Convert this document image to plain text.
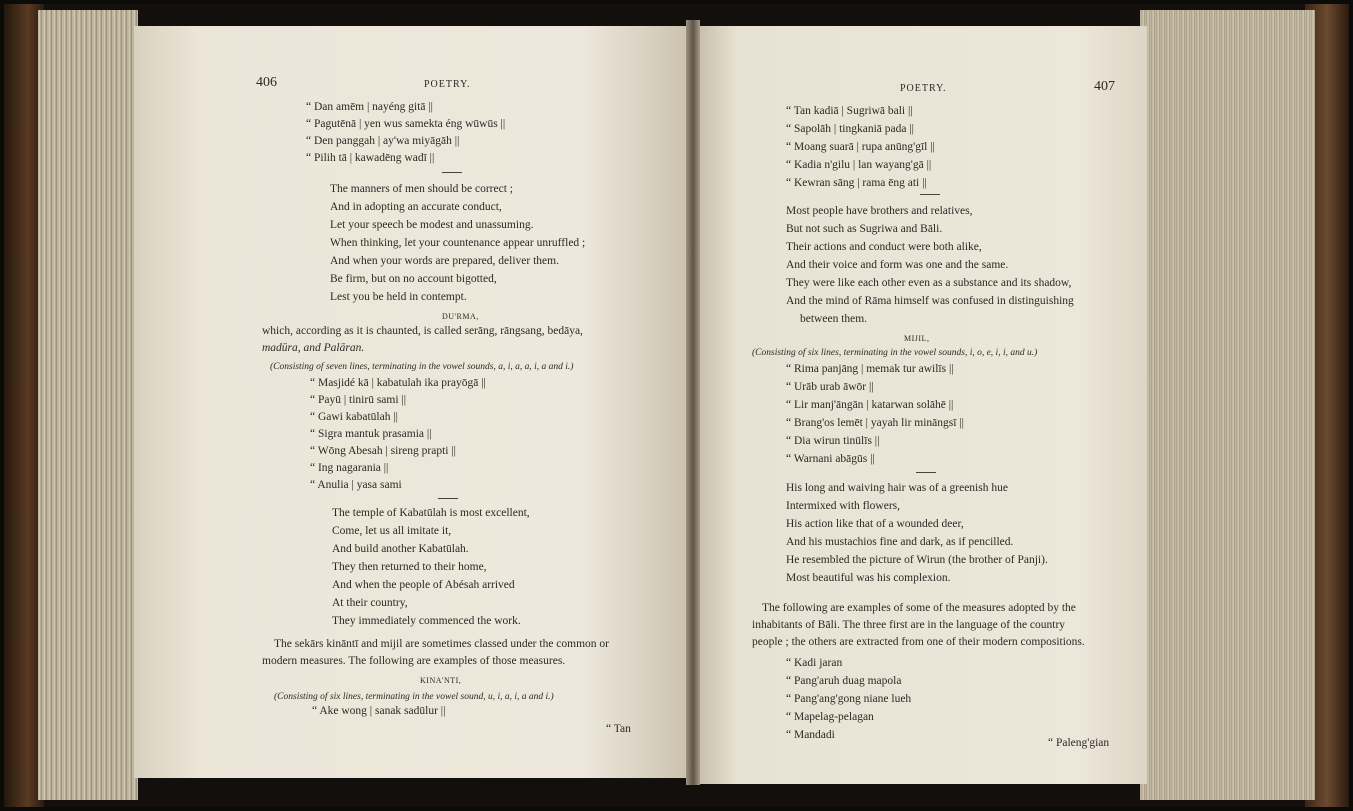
406	POETRY.
“ Dan amēm | nayéng gitā ||
“ Pagutēnā | yen wus samekta éng wūwūs ||
“ Den panggah | ay'wa miyāgāh ||
“ Pilih tā | kawadēng wadī ||
The manners of men should be correct ;
And in adopting an accurate conduct,
Let your speech be modest and unassuming.
When thinking, let your countenance appear unruffled ;
And when your words are prepared, deliver them.
Be firm, but on no account bigotted,
Lest you be held in contempt.
DU'RMA,
which, according as it is chaunted, is called serāng, rāngsang, bedāya,
madūra, and Palāran.
(Consisting of seven lines, terminating in the vowel sounds, a, i, a, a, i, a and i.)
“ Masjidé kā | kabatulah ika prayōgā ||
“ Payū | tinirū sami ||
“ Gawi kabatūlah ||
“ Sigra mantuk prasamia ||
“ Wōng Abesah | sireng prapti ||
“ Ing nagarania ||
“ Anulia | yasa sami
The temple of Kabatūlah is most excellent,
Come, let us all imitate it,
And build another Kabatūlah.
They then returned to their home,
And when the people of Abésah arrived
At their country,
They immediately commenced the work.
The sekārs kināntī and mijil are sometimes classed under the common or
modern measures. The following are examples of those measures.
KINA'NTI,
(Consisting of six lines, terminating in the vowel sound, u, i, a, i, a and i.)
“ Ake wong | sanak sadūlur ||
“ Tan
POETRY.	407
“ Tan kadiā | Sugriwā bali ||
“ Sapolāh | tingkaniā pada ||
“ Moang suarā | rupa anūng'gīl ||
“ Kadia n'gilu | lan wayang'gā ||
“ Kewran sāng | rama ēng ati ||
Most people have brothers and relatives,
But not such as Sugriwa and Bāli.
Their actions and conduct were both alike,
And their voice and form was one and the same.
They were like each other even as a substance and its shadow,
And the mind of Rāma himself was confused in distinguishing
between them.
MIJIL,
(Consisting of six lines, terminating in the vowel sounds, i, o, e, i, i, and u.)
“ Rima panjāng | memak tur awilīs ||
“ Urāb urab āwōr ||
“ Lir manj'āngān | katarwan solāhē ||
“ Brang'os lemēt | yayah lir mināngsī ||
“ Dia wirun tinūlīs ||
“ Warnani abāgūs ||
His long and waiving hair was of a greenish hue
Intermixed with flowers,
His action like that of a wounded deer,
And his mustachios fine and dark, as if pencilled.
He resembled the picture of Wirun (the brother of Panji).
Most beautiful was his complexion.
The following are examples of some of the measures adopted by the
inhabitants of Bāli. The three first are in the language of the country
people ; the others are extracted from one of their modern compositions.
“ Kadi jaran
“ Pang'aruh duag mapola
“ Pang'ang'gong niane lueh
“ Mapelag-pelagan
“ Mandadi
“ Paleng'gian
